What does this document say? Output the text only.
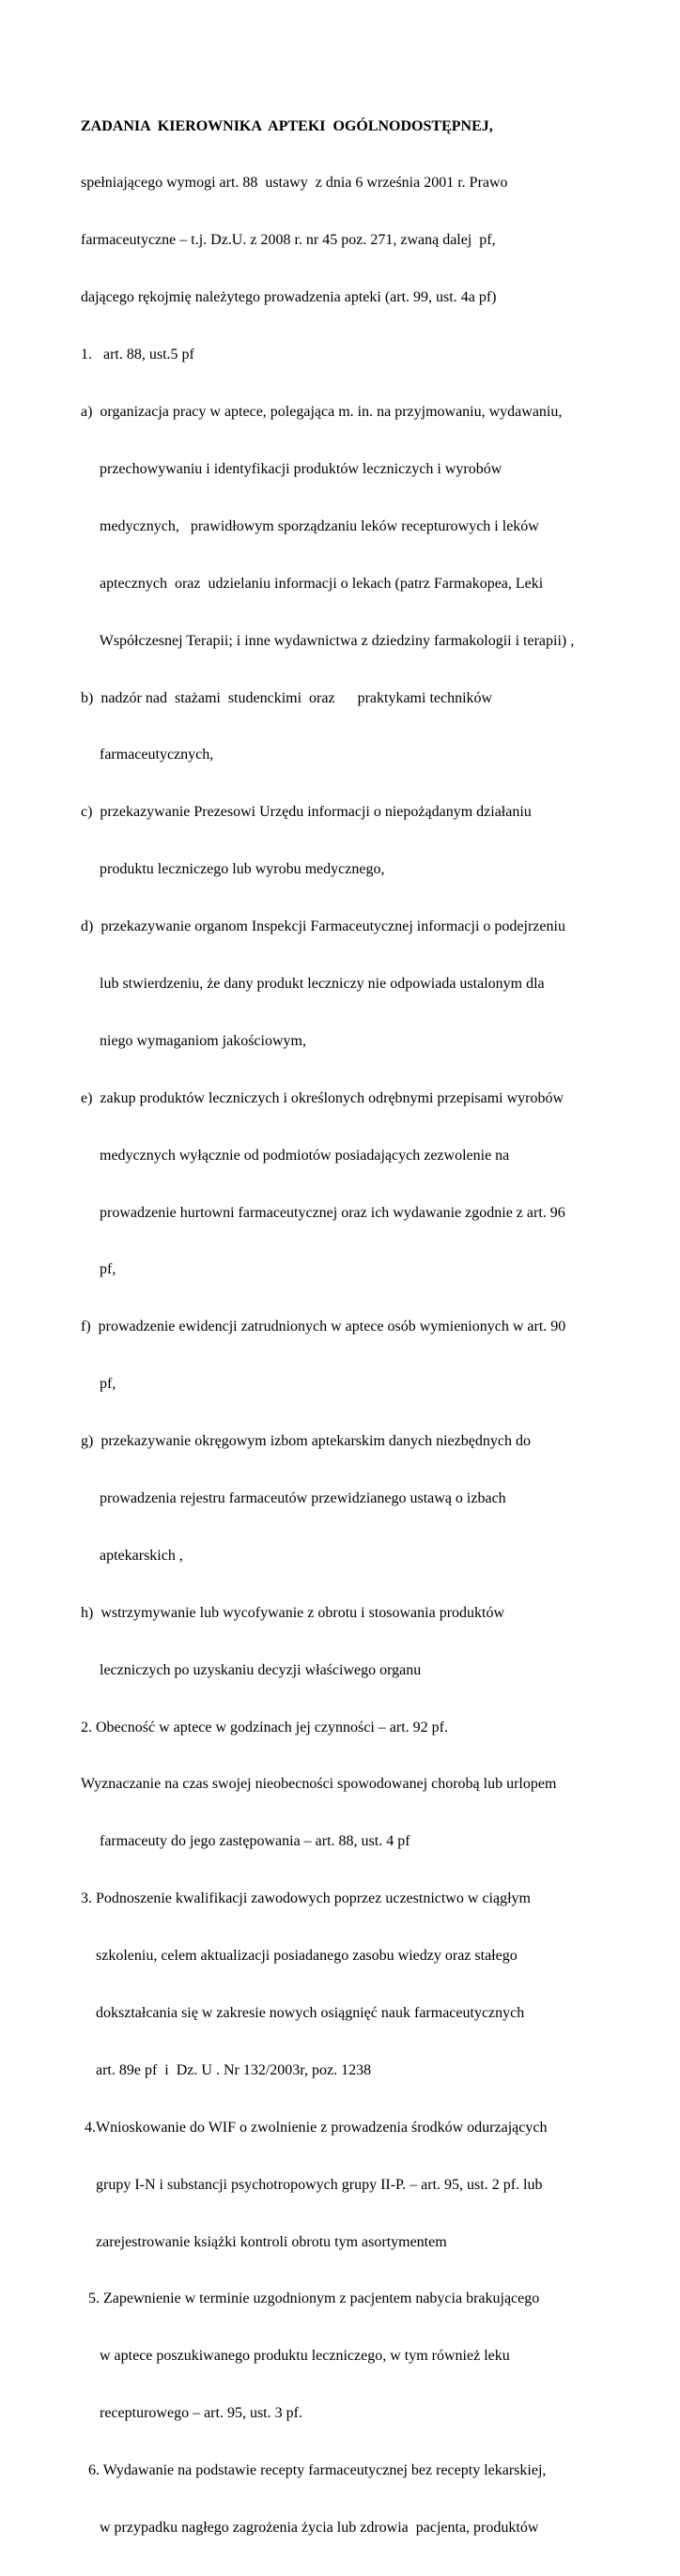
ZADANIA  KIEROWNIKA  APTEKI  OGÓLNODOSTĘPNEJ,

spełniającego wymogi art. 88  ustawy  z dnia 6 września 2001 r. Prawo

farmaceutyczne – t.j. Dz.U. z 2008 r. nr 45 poz. 271, zwaną dalej  pf,

dającego rękojmię należytego prowadzenia apteki (art. 99, ust. 4a pf)

1.   art. 88, ust.5 pf

a)  organizacja pracy w aptece, polegająca m. in. na przyjmowaniu, wydawaniu,

przechowywaniu i identyfikacji produktów leczniczych i wyrobów

medycznych,   prawidłowym sporządzaniu leków recepturowych i leków

aptecznych  oraz  udzielaniu informacji o lekach (patrz Farmakopea, Leki

Współczesnej Terapii; i inne wydawnictwa z dziedziny farmakologii i terapii) ,

b)  nadzór nad  stażami  studenckimi  oraz      praktykami techników

farmaceutycznych,

c)  przekazywanie Prezesowi Urzędu informacji o niepożądanym działaniu

produktu leczniczego lub wyrobu medycznego,

d)  przekazywanie organom Inspekcji Farmaceutycznej informacji o podejrzeniu

lub stwierdzeniu, że dany produkt leczniczy nie odpowiada ustalonym dla

niego wymaganiom jakościowym,

e)  zakup produktów leczniczych i określonych odrębnymi przepisami wyrobów

medycznych wyłącznie od podmiotów posiadających zezwolenie na

prowadzenie hurtowni farmaceutycznej oraz ich wydawanie zgodnie z art. 96

pf,

f)  prowadzenie ewidencji zatrudnionych w aptece osób wymienionych w art. 90

pf,

g)  przekazywanie okręgowym izbom aptekarskim danych niezbędnych do

prowadzenia rejestru farmaceutów przewidzianego ustawą o izbach

aptekarskich ,

h)  wstrzymywanie lub wycofywanie z obrotu i stosowania produktów

leczniczych po uzyskaniu decyzji właściwego organu

2. Obecność w aptece w godzinach jej czynności – art. 92 pf.

Wyznaczanie na czas swojej nieobecności spowodowanej chorobą lub urlopem

farmaceuty do jego zastępowania – art. 88, ust. 4 pf

3. Podnoszenie kwalifikacji zawodowych poprzez uczestnictwo w ciągłym

szkoleniu, celem aktualizacji posiadanego zasobu wiedzy oraz stałego

dokształcania się w zakresie nowych osiągnięć nauk farmaceutycznych

art. 89e pf  i  Dz. U . Nr 132/2003r, poz. 1238

4.Wnioskowanie do WIF o zwolnienie z prowadzenia środków odurzających

grupy I-N i substancji psychotropowych grupy II-P. – art. 95, ust. 2 pf. lub

zarejestrowanie książki kontroli obrotu tym asortymentem

5. Zapewnienie w terminie uzgodnionym z pacjentem nabycia brakującego

w aptece poszukiwanego produktu leczniczego, w tym również leku

recepturowego – art. 95, ust. 3 pf.

6. Wydawanie na podstawie recepty farmaceutycznej bez recepty lekarskiej,

w przypadku nagłego zagrożenia życia lub zdrowia  pacjenta, produktów
